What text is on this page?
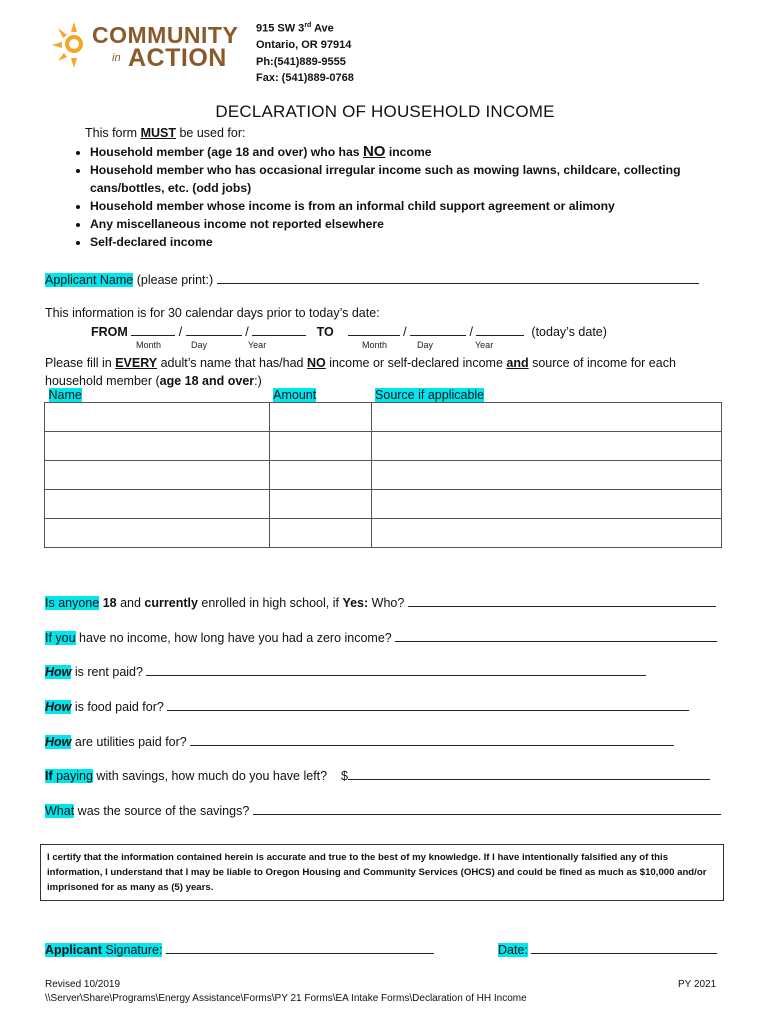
COMMUNITY
in ACTION
915 SW 3rd Ave
Ontario, OR 97914
Ph:(541)889-9555
Fax: (541)889-0768
DECLARATION OF HOUSEHOLD INCOME
This form MUST be used for:
• Household member (age 18 and over) who has NO income
• Household member who has occasional irregular income such as mowing lawns, childcare, collecting cans/bottles, etc. (odd jobs)
• Household member whose income is from an informal child support agreement or alimony
• Any miscellaneous income not reported elsewhere
• Self-declared income
Applicant Name (please print:)
This information is for 30 calendar days prior to today’s date:
FROM	/	/	TO	/	/	(today’s date)
Month	Day	Year	Month	Day	Year
Please fill in EVERY adult’s name that has/had NO income or self-declared income and source of income for each household member (age 18 and over:)
Name	Amount	Source if applicable

Is anyone 18 and currently enrolled in high school, if Yes: Who?
If you have no income, how long have you had a zero income?
How is rent paid?
How is food paid for?
How are utilities paid for?
If paying with savings, how much do you have left? $
What was the source of the savings?
I certify that the information contained herein is accurate and true to the best of my knowledge. If I have intentionally falsified any of this information, I understand that I may be liable to Oregon Housing and Community Services (OHCS) and could be fined as much as $10,000 and/or imprisoned for as many as (5) years.
Applicant Signature:	Date:
Revised 10/2019
\\Server\Share\Programs\Energy Assistance\Forms\PY 21 Forms\EA Intake Forms\Declaration of HH Income
PY 2021
